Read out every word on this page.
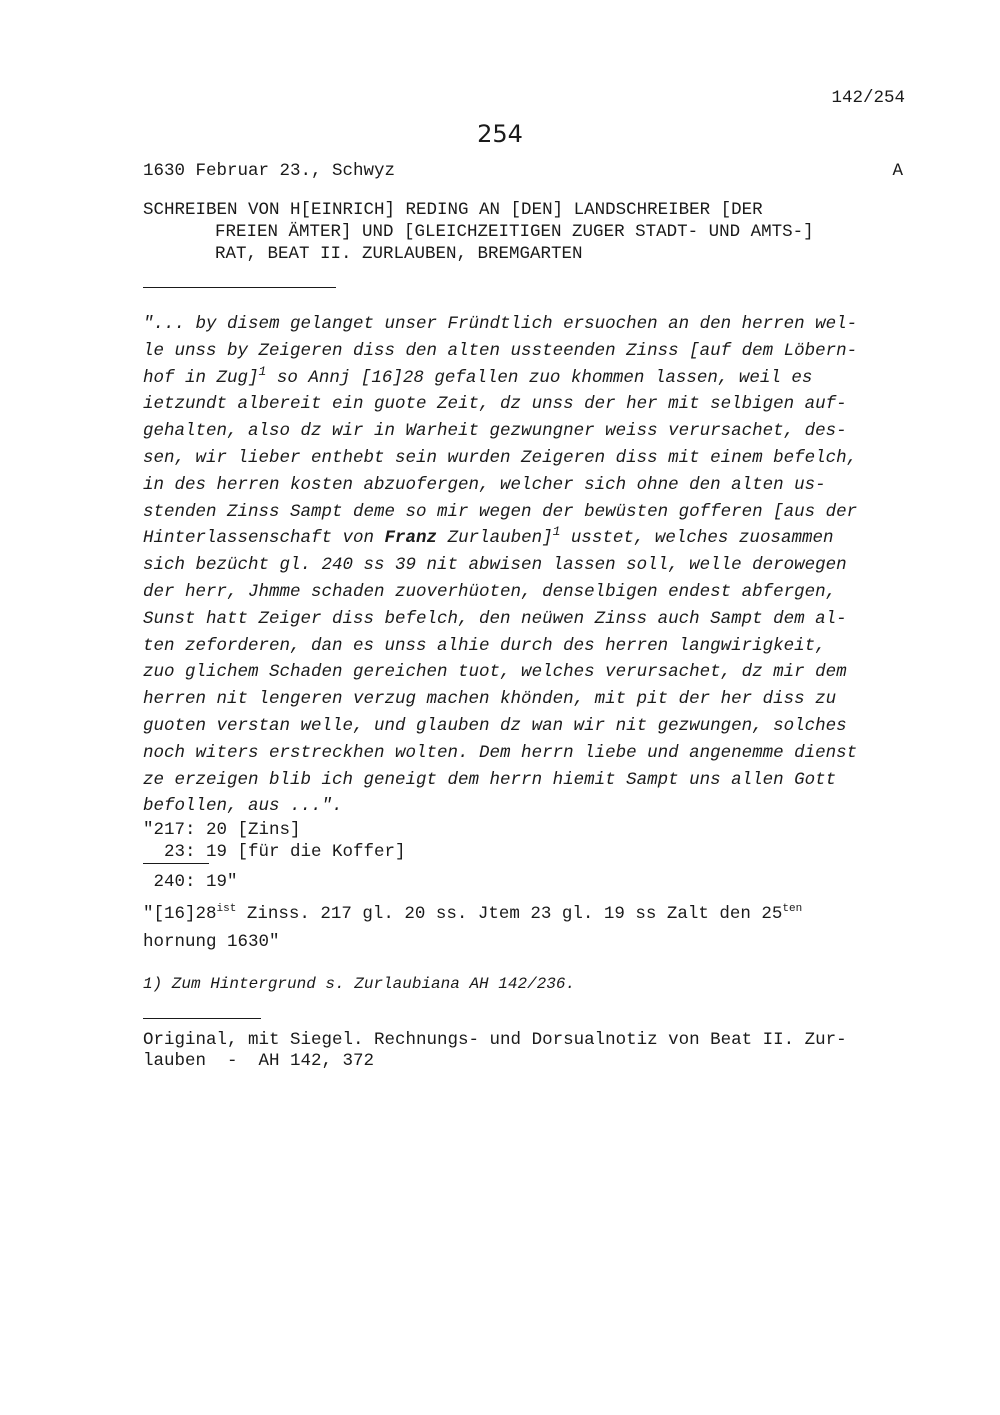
142/254
254
1630 Februar 23., Schwyz	A
SCHREIBEN VON H[EINRICH] REDING AN [DEN] LANDSCHREIBER [DER
FREIEN ÄMTER] UND [GLEICHZEITIGEN ZUGER STADT- UND AMTS-]
RAT, BEAT II. ZURLAUBEN, BREMGARTEN
"... by disem gelanget unser Fründtlich ersuochen an den herren wel-
le unss by Zeigeren diss den alten ussteenden Zinss [auf dem Löbern-
hof in Zug]$^1$ so Annj [16]28 gefallen zuo khommen lassen, weil es
ietzundt albereit ein guote Zeit, dz unss der her mit selbigen auf-
gehalten, also dz wir in Warheit gezwungner weiss verursachet, des-
sen, wir lieber enthebt sein wurden Zeigeren diss mit einem befelch,
in des herren kosten abzuofergen, welcher sich ohne den alten us-
stenden Zinss Sampt deme so mir wegen der bewüsten gofferen [aus der
Hinterlassenschaft von Franz Zurlauben]$^1$ usstet, welches zuosammen
sich bezücht gl. 240 ss 39 nit abwisen lassen soll, welle derowegen
der herr, Jhmme schaden zuoverhüoten, denselbigen endest abfergen,
Sunst hatt Zeiger diss befelch, den neüwen Zinss auch Sampt dem al-
ten zeforderen, dan es unss alhie durch des herren langwirigkeit,
zuo glichem Schaden gereichen tuot, welches verursachet, dz mir dem
herren nit lengeren verzug machen khönden, mit pit der her diss zu
guoten verstan welle, und glauben dz wan wir nit gezwungen, solches
noch witers erstreckhen wolten. Dem herrn liebe und angenemme dienst
ze erzeigen blib ich geneigt dem herrn hiemit Sampt uns allen Gott
befollen, aus ...".
"217: 20 [Zins]
23: 19 [für die Koffer]
240: 19"
"$[16]28^{ist}$ Zinss. 217 gl. 20 ss. Jtem 23 gl. 19 ss Zalt den $25^{ten}$
hornung 1630"
1) Zum Hintergrund s. Zurlaubiana AH 142/236.
Original, mit Siegel. Rechnungs- und Dorsualnotiz von Beat II. Zur-
lauben  -  AH 142, 372
